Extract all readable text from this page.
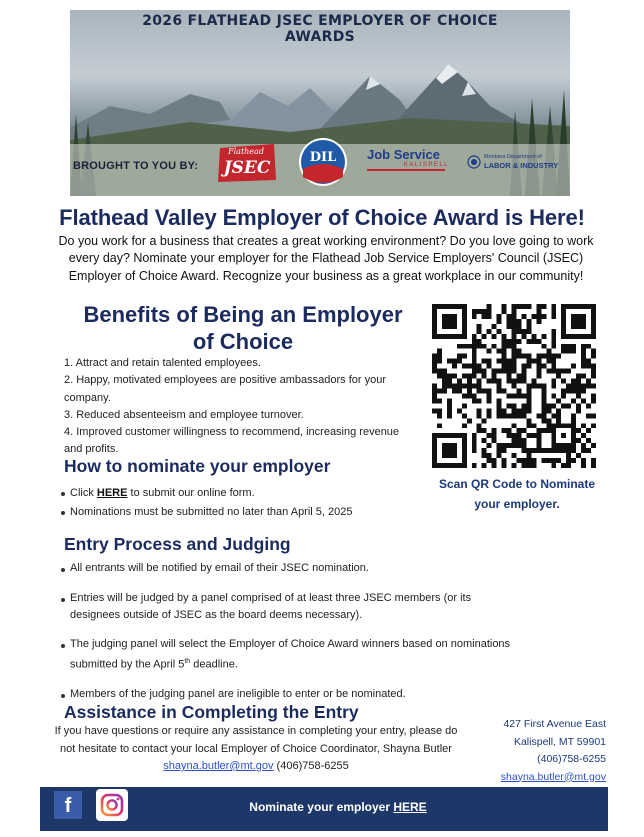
2026 FLATHEAD JSEC EMPLOYER OF CHOICE
AWARDS
BROUGHT TO YOU BY:
Flathead
JSEC
DIL Job Service
KALISPELL
Montana Department of
LABOR & INDUSTRY
Flathead Valley Employer of Choice Award is Here!
Do you work for a business that creates a great working environment? Do you love going to work every day? Nominate your employer for the Flathead Job Service Employers' Council (JSEC) Employer of Choice Award. Recognize your business as a great workplace in our community!
Benefits of Being an Employer
of Choice
1. Attract and retain talented employees.
2. Happy, motivated employees are positive ambassadors for your company.
3. Reduced absenteeism and employee turnover.
4. Improved customer willingness to recommend, increasing revenue and profits.
Scan QR Code to Nominate
your employer.
How to nominate your employer
Click HERE to submit our online form.
Nominations must be submitted no later than April 5, 2025
Entry Process and Judging
All entrants will be notified by email of their JSEC nomination.
Entries will be judged by a panel comprised of at least three JSEC members (or its designees outside of JSEC as the board deems necessary).
The judging panel will select the Employer of Choice Award winners based on nominations submitted by the April 5th deadline.
Members of the judging panel are ineligible to enter or be nominated.
Assistance in Completing the Entry
If you have questions or require any assistance in completing your entry, please do not hesitate to contact your local Employer of Choice Coordinator, Shayna Butler shayna.butler@mt.gov (406)758-6255
427 First Avenue East
Kalispell, MT 59901
(406)758-6255
shayna.butler@mt.gov
f	Nominate your employer HERE
